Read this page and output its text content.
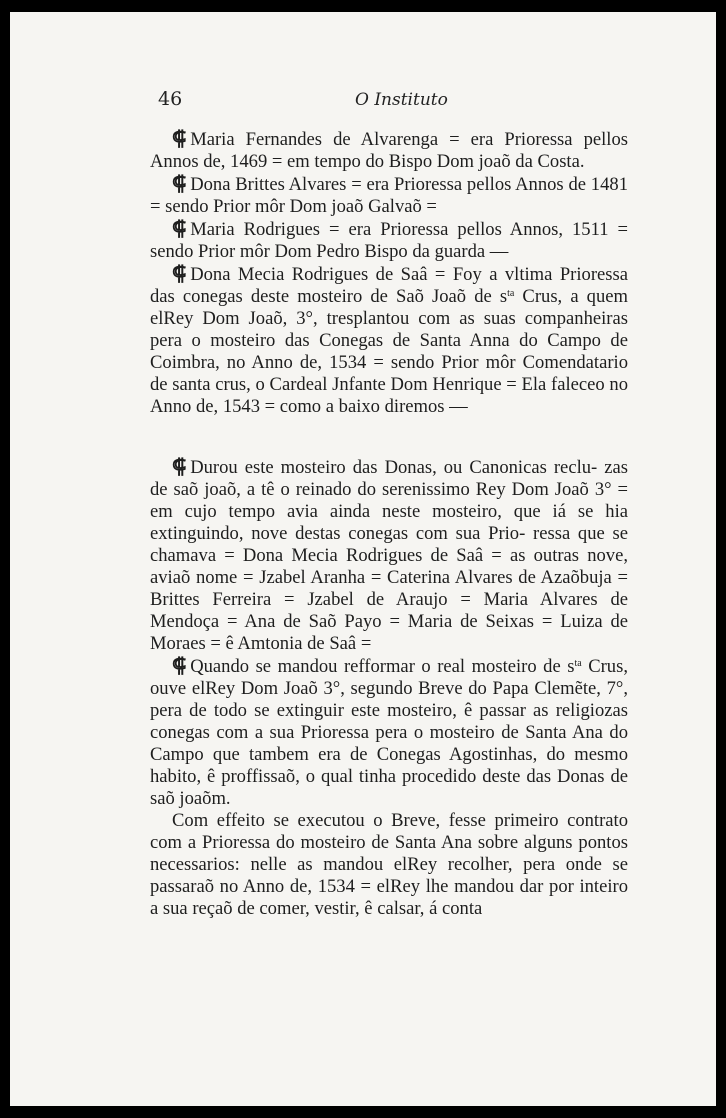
46	O Instituto

⸿ Maria Fernandes de Alvarenga = era Prioressa pellos Annos de, 1469 = em tempo do Bispo Dom joaõ da Costa.

⸿ Dona Brittes Alvares = era Prioressa pellos Annos de 1481 = sendo Prior môr Dom joaõ Galvaõ =

⸿ Maria Rodrigues = era Prioressa pellos Annos, 1511 = sendo Prior môr Dom Pedro Bispo da guarda —

⸿ Dona Mecia Rodrigues de Saâ = Foy a vltima Prioressa das conegas deste mosteiro de Saõ Joaõ de $s^{ta}$ Crus, a quem elRey Dom Joaõ, 3°, tresplantou com as suas companheiras pera o mosteiro das Conegas de Santa Anna do Campo de Coimbra, no Anno de, 1534 = sendo Prior môr Comendatario de santa crus, o Cardeal Jnfante Dom Henrique = Ela faleceo no Anno de, 1543 = como a baixo diremos —

⸿ Durou este mosteiro das Donas, ou Canonicas reclu- zas de saõ joaõ, a tê o reinado do serenissimo Rey Dom Joaõ 3° = em cujo tempo avia ainda neste mosteiro, que iá se hia extinguindo, nove destas conegas com sua Prio- ressa que se chamava = Dona Mecia Rodrigues de Saâ = as outras nove, aviaõ nome = Jzabel Aranha = Caterina Alvares de Azaõbuja = Brittes Ferreira = Jzabel de Araujo = Maria Alvares de Mendoça = Ana de Saõ Payo = Maria de Seixas = Luiza de Moraes = ê Amtonia de Saâ =

⸿ Quando se mandou refformar o real mosteiro de $s^{ta}$ Crus, ouve elRey Dom Joaõ 3°, segundo Breve do Papa Clemẽte, 7°, pera de todo se extinguir este mosteiro, ê passar as religiozas conegas com a sua Prioressa pera o mosteiro de Santa Ana do Campo que tambem era de Conegas Agostinhas, do mesmo habito, ê proffissaõ, o qual tinha procedido deste das Donas de saõ joaõm.

Com effeito se executou o Breve, fesse primeiro contrato com a Prioressa do mosteiro de Santa Ana sobre alguns pontos necessarios: nelle as mandou elRey recolher, pera onde se passaraõ no Anno de, 1534 = elRey lhe mandou dar por inteiro a sua reçaõ de comer, vestir, ê calsar, á conta
